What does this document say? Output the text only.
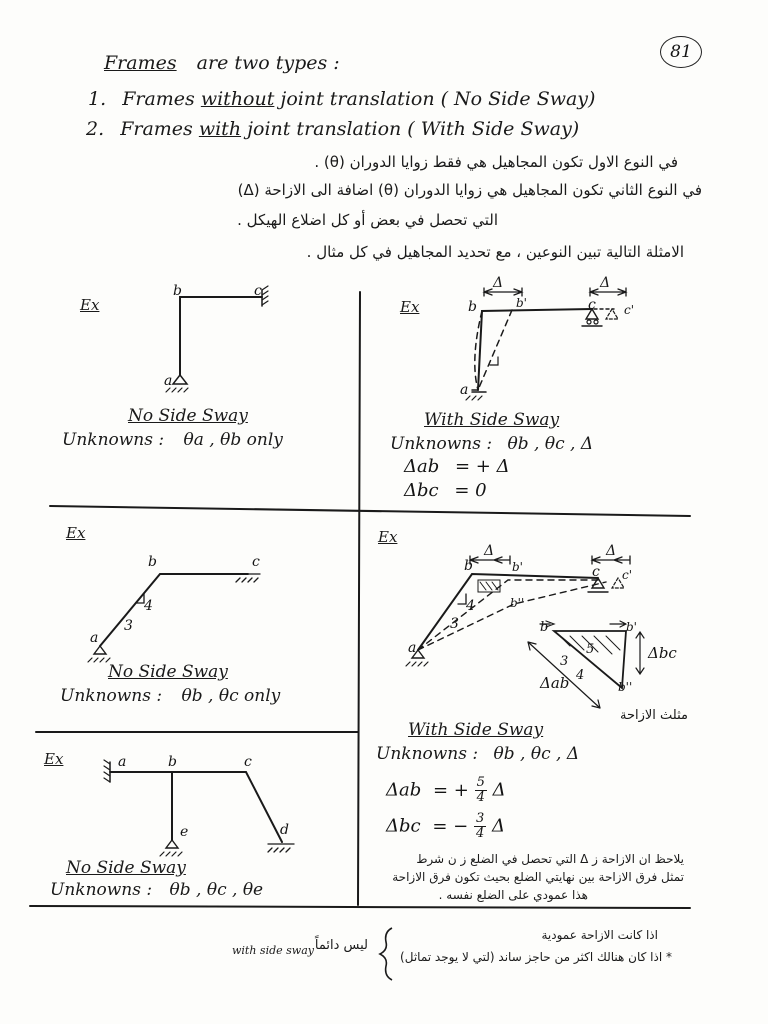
81
Frames are two types :
1. Frames without joint translation ( No Side Sway)
2. Frames with joint translation ( With Side Sway)
في النوع الاول تكون المجاهيل هي فقط زوايا الدوران (θ) .
في النوع الثاني تكون المجاهيل هي زوايا الدوران (θ) اضافة الى الازاحة (Δ)
التي تحصل في بعض أو كل اضلاع الهيكل .
الامثلة التالية تبين النوعين ، مع تحديد المجاهيل في كل مثال .
Δ	Δ
Δ	Δ
Ex
a
b	c
No Side Sway
Unknowns : θa , θb only
Ex
a
b	c
b'	c'
With Side Sway
Unknowns : θb , θc , Δ
Δab = + Δ
Δbc = 0
Ex
a
b	c
4
3
No Side Sway
Unknowns : θb , θc only
Ex
a
b	b'
b''
c c'
4
3	b	b'
b''
5
3
4
Δbc
Δab
مثلث الازاحة
With Side Sway
Unknowns : θb , θc , Δ
Δab = + $\frac{5}{4}$ Δ
Δbc = − $\frac{3}{4}$ Δ
Ex	a	b	c
d
e
No Side Sway
Unknowns : θb , θc , θe
يلاحظ ان الازاحة ز Δ التي تحصل في الضلع ز ن شرط
تمثل فرق الازاحة بين نهايتي الضلع بحيث تكون فرق الازاحة
هذا عمودي على الضلع نفسه .
اذا كانت الازاحة عمودية
* اذا كان هنالك اكثر من حاجز ساند (لتي لا يوجد تماثل)
ليس دائماً
with side sway
